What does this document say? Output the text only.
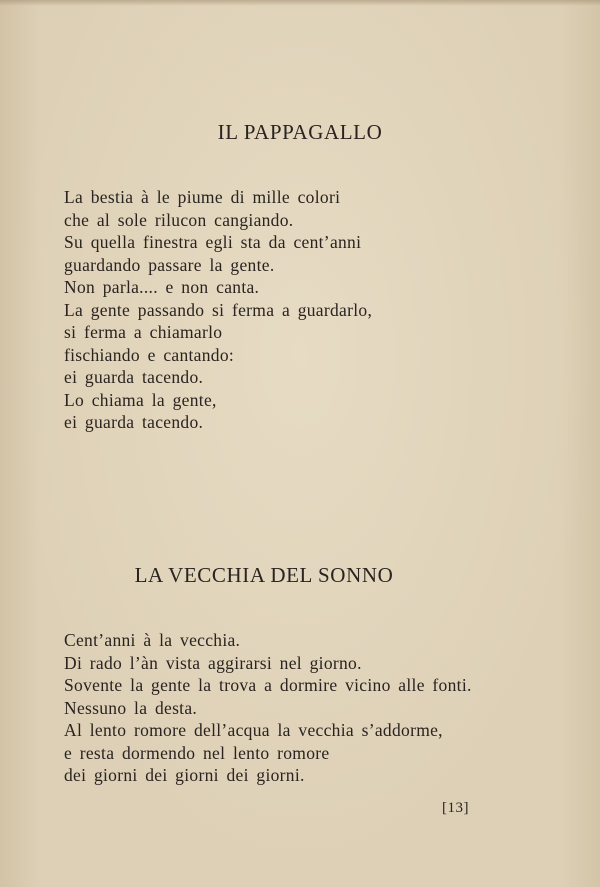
IL PAPPAGALLO
La bestia à le piume di mille colori
che al sole rilucon cangiando.
Su quella finestra egli sta da cent’anni
guardando passare la gente.
Non parla.... e non canta.
La gente passando si ferma a guardarlo,
si ferma a chiamarlo
fischiando e cantando:
ei guarda tacendo.
Lo chiama la gente,
ei guarda tacendo.
LA VECCHIA DEL SONNO
Cent’anni à la vecchia.
Di rado l’àn vista aggirarsi nel giorno.
Sovente la gente la trova a dormire vicino alle fonti.
Nessuno la desta.
Al lento romore dell’acqua la vecchia s’addorme,
e resta dormendo nel lento romore
dei giorni dei giorni dei giorni.
[13]
